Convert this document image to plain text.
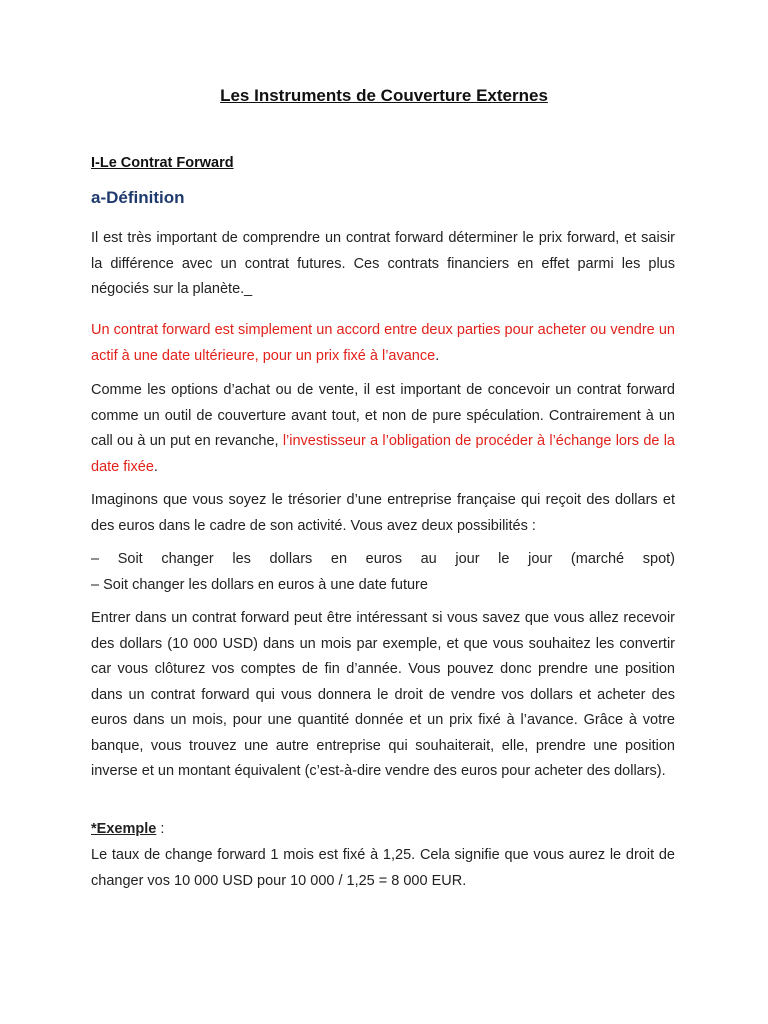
Les Instruments de Couverture Externes
I-Le Contrat Forward
a-Définition

Il est très important de comprendre un contrat forward déterminer le prix forward, et saisir la différence avec un contrat futures. Ces contrats financiers en effet parmi les plus négociés sur la planète._

Un contrat forward est simplement un accord entre deux parties pour acheter ou vendre un actif à une date ultérieure, pour un prix fixé à l’avance.

Comme les options d’achat ou de vente, il est important de concevoir un contrat forward comme un outil de couverture avant tout, et non de pure spéculation. Contrairement à un call ou à un put en revanche, l’investisseur a l’obligation de procéder à l’échange lors de la date fixée.

Imaginons que vous soyez le trésorier d’une entreprise française qui reçoit des dollars et des euros dans le cadre de son activité. Vous avez deux possibilités :

– Soit changer les dollars en euros au jour le jour (marché spot)
– Soit changer les dollars en euros à une date future

Entrer dans un contrat forward peut être intéressant si vous savez que vous allez recevoir des dollars (10 000 USD) dans un mois par exemple, et que vous souhaitez les convertir car vous clôturez vos comptes de fin d’année. Vous pouvez donc prendre une position dans un contrat forward qui vous donnera le droit de vendre vos dollars et acheter des euros dans un mois, pour une quantité donnée et un prix fixé à l’avance. Grâce à votre banque, vous trouvez une autre entreprise qui souhaiterait, elle, prendre une position inverse et un montant équivalent (c’est-à-dire vendre des euros pour acheter des dollars).

*Exemple :

Le taux de change forward 1 mois est fixé à 1,25. Cela signifie que vous aurez le droit de changer vos 10 000 USD pour 10 000 / 1,25 = 8 000 EUR.
